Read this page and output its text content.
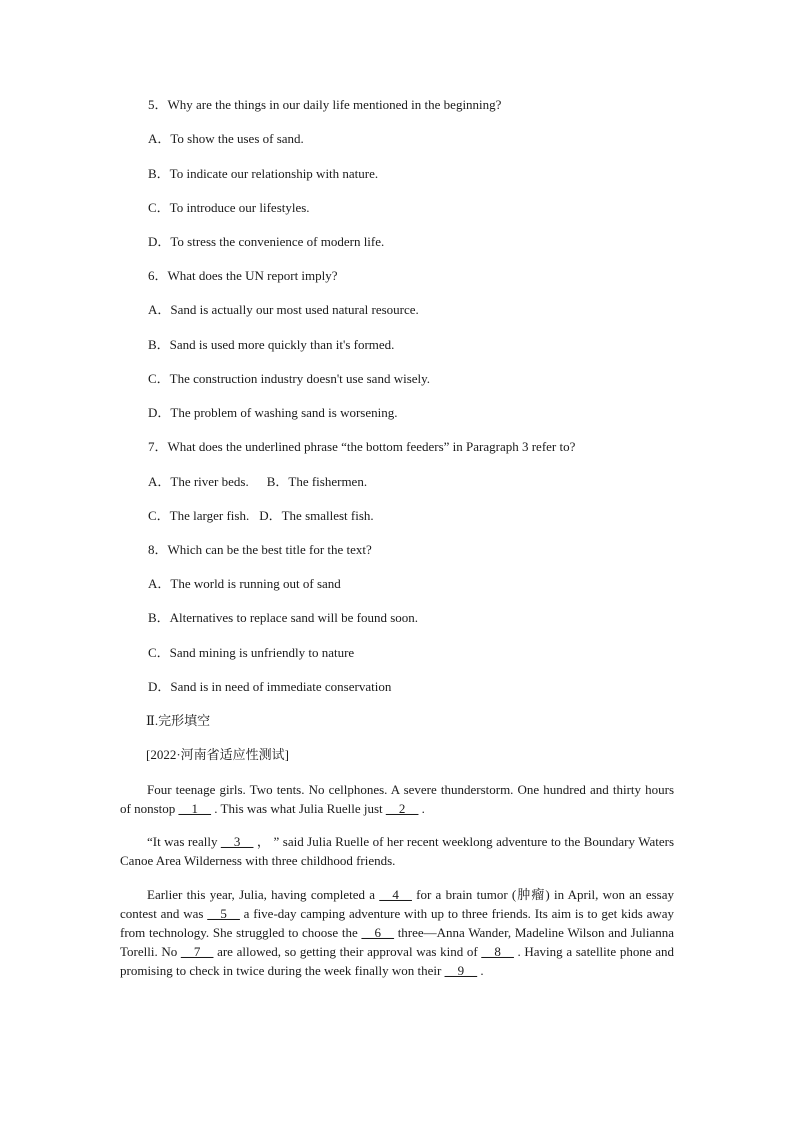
5．Why are the things in our daily life mentioned in the beginning?
A．To show the uses of sand.
B．To indicate our relationship with nature.
C．To introduce our lifestyles.
D．To stress the convenience of modern life.
6．What does the UN report imply?
A．Sand is actually our most used natural resource.
B．Sand is used more quickly than it's formed.
C．The construction industry doesn't use sand wisely.
D．The problem of washing sand is worsening.
7．What does the underlined phrase “the bottom feeders” in Paragraph 3 refer to?
A．The river beds. B．The fishermen.
C．The larger fish. D．The smallest fish.
8．Which can be the best title for the text?
A．The world is running out of sand
B．Alternatives to replace sand will be found soon.
C．Sand mining is unfriendly to nature
D．Sand is in need of immediate conservation
Ⅱ.完形填空
[2022·河南省适应性测试]
Four teenage girls. Two tents. No cellphones. A severe thunderstorm. One hundred and thirty hours of nonstop __1__ . This was what Julia Ruelle just __2__ .
“It was really __3__ ， ” said Julia Ruelle of her recent weeklong adventure to the Boundary Waters Canoe Area Wilderness with three childhood friends.
Earlier this year, Julia, having completed a __4__ for a brain tumor (肿瘤) in April, won an essay contest and was __5__ a five-day camping adventure with up to three friends. Its aim is to get kids away from technology. She struggled to choose the __6__ three—Anna Wander, Madeline Wilson and Julianna Torelli. No __7__ are allowed, so getting their approval was kind of __8__ . Having a satellite phone and promising to check in twice during the week finally won their __9__ .
